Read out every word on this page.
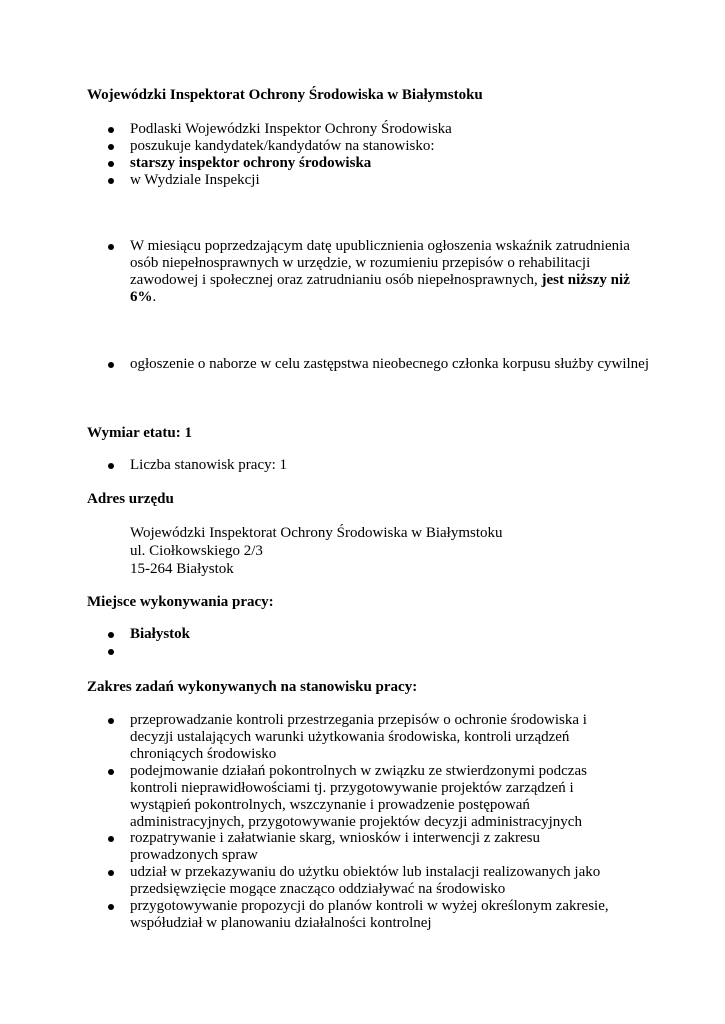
Wojewódzki Inspektorat Ochrony Środowiska w Białymstoku
Podlaski Wojewódzki Inspektor Ochrony Środowiska
poszukuje kandydatek/kandydatów na stanowisko:
starszy inspektor ochrony środowiska
w Wydziale Inspekcji
W miesiącu poprzedzającym datę upublicznienia ogłoszenia wskaźnik zatrudnienia osób niepełnosprawnych w urzędzie, w rozumieniu przepisów o rehabilitacji zawodowej i społecznej oraz zatrudnianiu osób niepełnosprawnych, jest niższy niż 6%.
ogłoszenie o naborze w celu zastępstwa nieobecnego członka korpusu służby cywilnej
Liczba stanowisk pracy: 1
Białystok
przeprowadzanie kontroli przestrzegania przepisów o ochronie środowiska i decyzji ustalających warunki użytkowania środowiska, kontroli urządzeń chroniących środowisko
podejmowanie działań pokontrolnych w związku ze stwierdzonymi podczas kontroli nieprawidłowościami tj. przygotowywanie projektów zarządzeń i wystąpień pokontrolnych, wszczynanie i prowadzenie postępowań administracyjnych, przygotowywanie projektów decyzji administracyjnych
rozpatrywanie i załatwianie skarg, wniosków i interwencji z zakresu prowadzonych spraw
udział w przekazywaniu do użytku obiektów lub instalacji realizowanych jako przedsięwzięcie mogące znacząco oddziaływać na środowisko
przygotowywanie propozycji do planów kontroli w wyżej określonym zakresie, współudział w planowaniu działalności kontrolnej
Wymiar etatu: 1
Adres urzędu
Wojewódzki Inspektorat Ochrony Środowiska w Białymstoku
ul. Ciołkowskiego 2/3
15-264 Białystok
Miejsce wykonywania pracy:
Zakres zadań wykonywanych na stanowisku pracy:
